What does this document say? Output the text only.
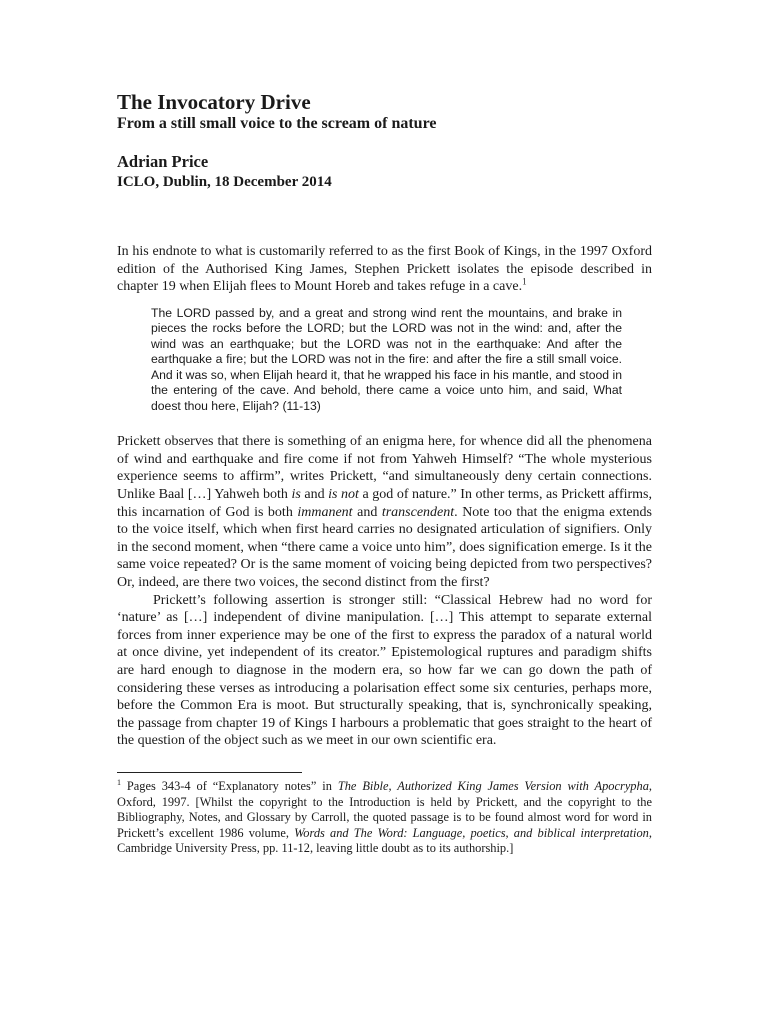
The Invocatory Drive
From a still small voice to the scream of nature
Adrian Price
ICLO, Dublin, 18 December 2014

In his endnote to what is customarily referred to as the first Book of Kings, in the 1997 Oxford edition of the Authorised King James, Stephen Prickett isolates the episode described in chapter 19 when Elijah flees to Mount Horeb and takes refuge in a cave.$^1$

The LORD passed by, and a great and strong wind rent the mountains, and brake in pieces the rocks before the LORD; but the LORD was not in the wind: and, after the wind was an earthquake; but the LORD was not in the earthquake: And after the earthquake a fire; but the LORD was not in the fire: and after the fire a still small voice. And it was so, when Elijah heard it, that he wrapped his face in his mantle, and stood in the entering of the cave. And behold, there came a voice unto him, and said, What doest thou here, Elijah? (11-13)

Prickett observes that there is something of an enigma here, for whence did all the phenomena of wind and earthquake and fire come if not from Yahweh Himself? “The whole mysterious experience seems to affirm”, writes Prickett, “and simultaneously deny certain connections. Unlike Baal […] Yahweh both is and is not a god of nature.” In other terms, as Prickett affirms, this incarnation of God is both immanent and transcendent. Note too that the enigma extends to the voice itself, which when first heard carries no designated articulation of signifiers. Only in the second moment, when “there came a voice unto him”, does signification emerge. Is it the same voice repeated? Or is the same moment of voicing being depicted from two perspectives? Or, indeed, are there two voices, the second distinct from the first?

Prickett’s following assertion is stronger still: “Classical Hebrew had no word for ‘nature’ as […] independent of divine manipulation. […] This attempt to separate external forces from inner experience may be one of the first to express the paradox of a natural world at once divine, yet independent of its creator.” Epistemological ruptures and paradigm shifts are hard enough to diagnose in the modern era, so how far we can go down the path of considering these verses as introducing a polarisation effect some six centuries, perhaps more, before the Common Era is moot. But structurally speaking, that is, synchronically speaking, the passage from chapter 19 of Kings I harbours a problematic that goes straight to the heart of the question of the object such as we meet in our own scientific era.

$^1$ Pages 343-4 of “Explanatory notes” in The Bible, Authorized King James Version with Apocrypha, Oxford, 1997. [Whilst the copyright to the Introduction is held by Prickett, and the copyright to the Bibliography, Notes, and Glossary by Carroll, the quoted passage is to be found almost word for word in Prickett’s excellent 1986 volume, Words and The Word: Language, poetics, and biblical interpretation, Cambridge University Press, pp. 11-12, leaving little doubt as to its authorship.]
